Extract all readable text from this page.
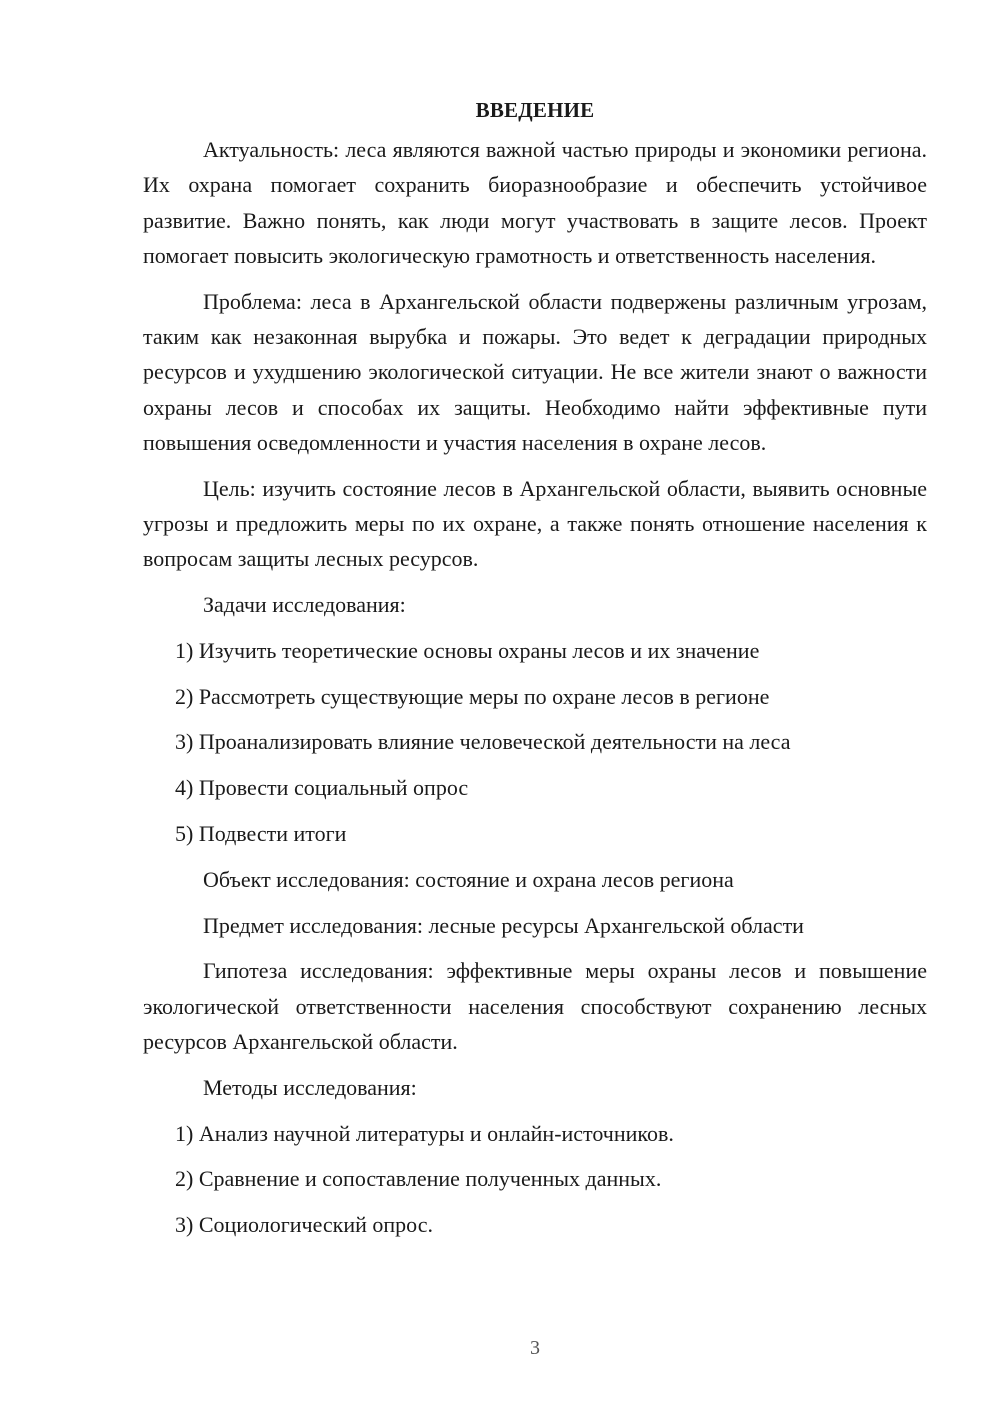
ВВЕДЕНИЕ

Актуальность: леса являются важной частью природы и экономики региона. Их охрана помогает сохранить биоразнообразие и обеспечить устойчивое развитие. Важно понять, как люди могут участвовать в защите лесов. Проект помогает повысить экологическую грамотность и ответственность населения.

Проблема: леса в Архангельской области подвержены различным угрозам, таким как незаконная вырубка и пожары. Это ведет к деградации природных ресурсов и ухудшению экологической ситуации. Не все жители знают о важности охраны лесов и способах их защиты. Необходимо найти эффективные пути повышения осведомленности и участия населения в охране лесов.

Цель: изучить состояние лесов в Архангельской области, выявить основные угрозы и предложить меры по их охране, а также понять отношение населения к вопросам защиты лесных ресурсов.

Задачи исследования:
1) Изучить теоретические основы охраны лесов и их значение
2) Рассмотреть существующие меры по охране лесов в регионе
3) Проанализировать влияние человеческой деятельности на леса
4) Провести социальный опрос
5) Подвести итоги
Объект исследования: состояние и охрана лесов региона
Предмет исследования: лесные ресурсы Архангельской области

Гипотеза исследования: эффективные меры охраны лесов и повышение экологической ответственности населения способствуют сохранению лесных ресурсов Архангельской области.

Методы исследования:
1) Анализ научной литературы и онлайн-источников.
2) Сравнение и сопоставление полученных данных.
3) Социологический опрос.
3
